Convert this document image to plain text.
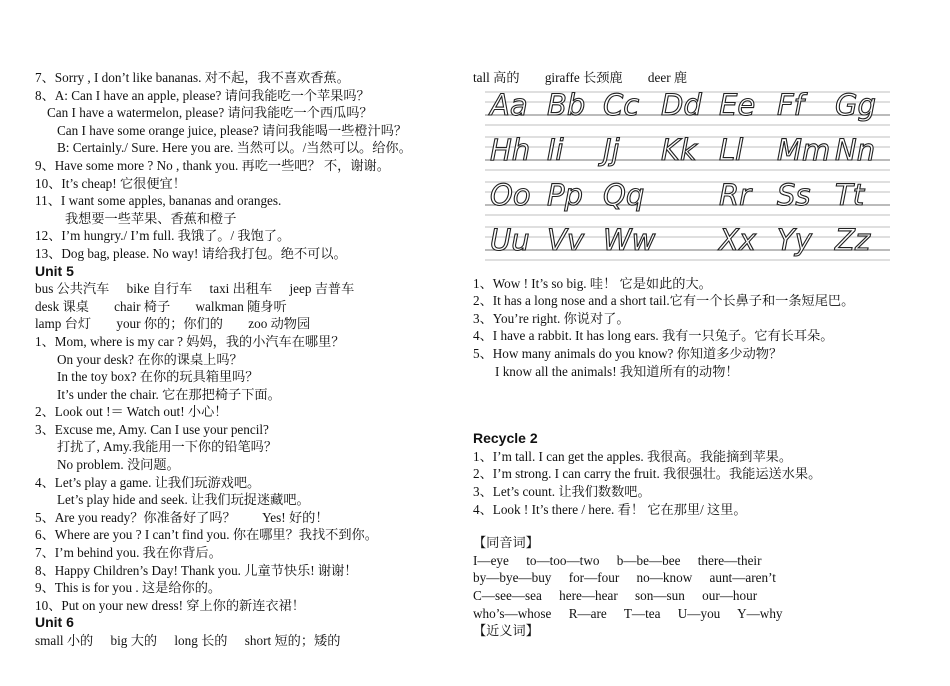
7、Sorry , I don’t like bananas. 对不起，我不喜欢香蕉。
8、A: Can I have an apple, please? 请问我能吃一个苹果吗？
Can I have a watermelon, please? 请问我能吃一个西瓜吗？
Can I have some orange juice, please? 请问我能喝一些橙汁吗？
B: Certainly./ Sure. Here you are. 当然可以。/当然可以。给你。
9、Have some more ? No , thank you. 再吃一些吧？ 不，谢谢。
10、It’s cheap! 它很便宜！
11、I want some apples, bananas and oranges.
我想要一些苹果、香蕉和橙子
12、I’m hungry./ I’m full. 我饿了。/ 我饱了。
13、Dog bag, please. No way! 请给我打包。绝不可以。
Unit 5
bus 公共汽车 bike 自行车 taxi 出租车 jeep 吉普车
desk 课桌 chair 椅子 walkman 随身听
lamp 台灯 your 你的；你们的 zoo 动物园
1、Mom, where is my car ? 妈妈，我的小汽车在哪里？
On your desk? 在你的课桌上吗？
In the toy box? 在你的玩具箱里吗？
It’s under the chair. 它在那把椅子下面。
2、Look out !＝ Watch out! 小心！
3、Excuse me, Amy. Can I use your pencil?
打扰了, Amy.我能用一下你的铅笔吗？
No problem. 没问题。
4、Let’s play a game. 让我们玩游戏吧。
Let’s play hide and seek. 让我们玩捉迷藏吧。
5、Are you ready？你准备好了吗？　　Yes! 好的！
6、Where are you ? I can’t find you. 你在哪里？我找不到你。
7、I’m behind you. 我在你背后。
8、Happy Children’s Day! Thank you. 儿童节快乐! 谢谢！
9、This is for you . 这是给你的。
10、Put on your new dress! 穿上你的新连衣裙！
Unit 6
small 小的 big 大的 long 长的 short 短的；矮的
tall 高的 giraffe 长颈鹿 deer 鹿
Aa Bb Cc Dd Ee Ff Gg
Hh Ii Jj Kk Ll Mm Nn
Oo Pp Qq	Rr Ss Tt
Uu Vv Ww Xx Yy Zz
1、Wow ! It’s so big. 哇！ 它是如此的大。
2、It has a long nose and a short tail.它有一个长鼻子和一条短尾巴。
3、You’re right. 你说对了。
4、I have a rabbit. It has long ears. 我有一只兔子。它有长耳朵。
5、How many animals do you know? 你知道多少动物？
I know all the animals! 我知道所有的动物！
Recycle 2
1、I’m tall. I can get the apples. 我很高。我能摘到苹果。
2、I’m strong. I can carry the fruit. 我很强壮。我能运送水果。
3、Let’s count. 让我们数数吧。
4、Look ! It’s there / here. 看！ 它在那里/ 这里。
【同音词】
I—eye to—too—two b—be—bee there—their
by—bye—buy for—four no—know aunt—aren’t
C—see—sea here—hear son—sun our—hour
who’s—whose R—are T—tea U—you Y—why
【近义词】
